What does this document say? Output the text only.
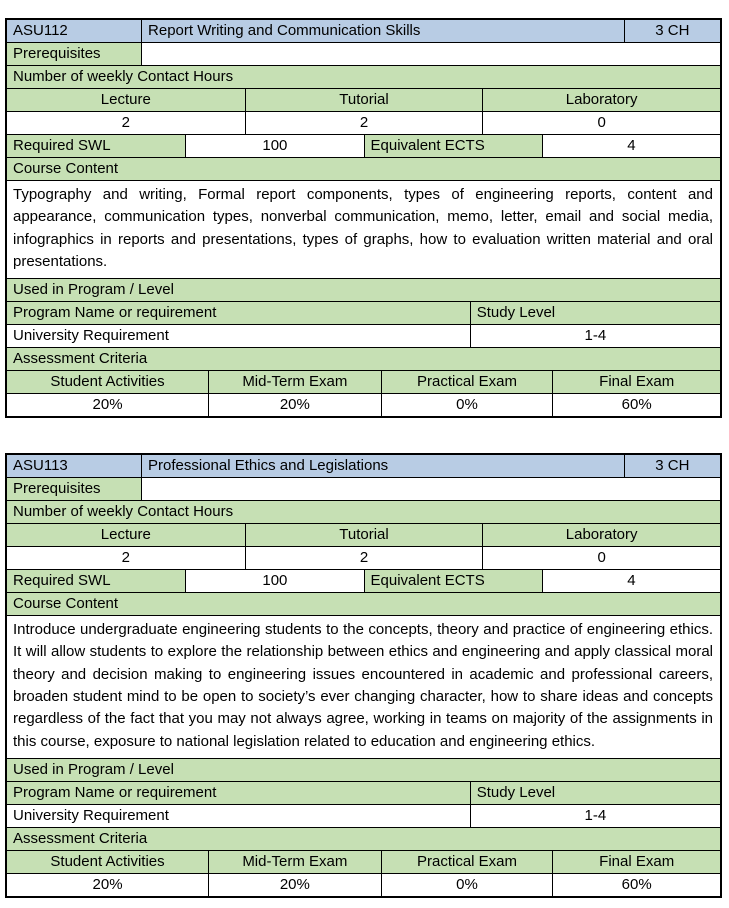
ASU112	Report Writing and Communication Skills	3 CH
Prerequisites
Number of weekly Contact Hours
Lecture	Tutorial	Laboratory
2	2	0
Required SWL	100	Equivalent ECTS	4
Course Content
Typography and writing, Formal report components, types of engineering reports, content and appearance, communication types, nonverbal communication, memo, letter, email and social media, infographics in reports and presentations, types of graphs, how to evaluation written material and oral presentations.
Used in Program / Level
Program Name or requirement	Study Level
University Requirement	1-4
Assessment Criteria
Student Activities	Mid-Term Exam	Practical Exam	Final Exam
20%	20%	0%	60%
ASU113	Professional Ethics and Legislations	3 CH
Prerequisites
Number of weekly Contact Hours
Lecture	Tutorial	Laboratory
2	2	0
Required SWL	100	Equivalent ECTS	4
Course Content
Introduce undergraduate engineering students to the concepts, theory and practice of engineering ethics. It will allow students to explore the relationship between ethics and engineering and apply classical moral theory and decision making to engineering issues encountered in academic and professional careers, broaden student mind to be open to society’s ever changing character, how to share ideas and concepts regardless of the fact that you may not always agree, working in teams on majority of the assignments in this course, exposure to national legislation related to education and engineering ethics.
Used in Program / Level
Program Name or requirement	Study Level
University Requirement	1-4
Assessment Criteria
Student Activities	Mid-Term Exam	Practical Exam	Final Exam
20%	20%	0%	60%
